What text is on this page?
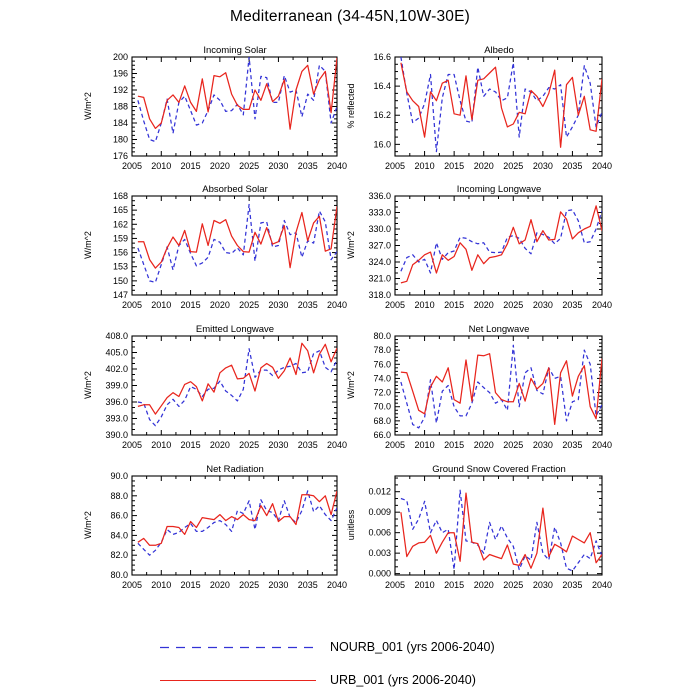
Mediterranean (34-45N,10W-30E)
Incoming Solar
W/m^2
2005 2010 2015 2020 2025 2030 2035 2040
176
180
184
188
192
196
200
Albedo
% reflected
2005 2010 2015 2020 2025 2030 2035 2040
16.0
16.2
16.4
16.6
Absorbed Solar
W/m^2
2005 2010 2015 2020 2025 2030 2035 2040
147
150
153
156
159
162
165
168
Incoming Longwave
W/m^2
2005 2010 2015 2020 2025 2030 2035 2040
318.0
321.0
324.0
327.0
330.0
333.0
336.0
Emitted Longwave
W/m^2
2005 2010 2015 2020 2025 2030 2035 2040
390.0
393.0
396.0
399.0
402.0
405.0
408.0
Net Longwave
W/m^2
2005 2010 2015 2020 2025 2030 2035 2040
66.0
68.0
70.0
72.0
74.0
76.0
78.0
80.0
Net Radiation
W/m^2
2005 2010 2015 2020 2025 2030 2035 2040
80.0
82.0
84.0
86.0
88.0
90.0
Ground Snow Covered Fraction
unitless
2005 2010 2015 2020 2025 2030 2035 2040
0.000
0.003
0.006
0.009
0.012
NOURB_001 (yrs 2006-2040)
URB_001 (yrs 2006-2040)
